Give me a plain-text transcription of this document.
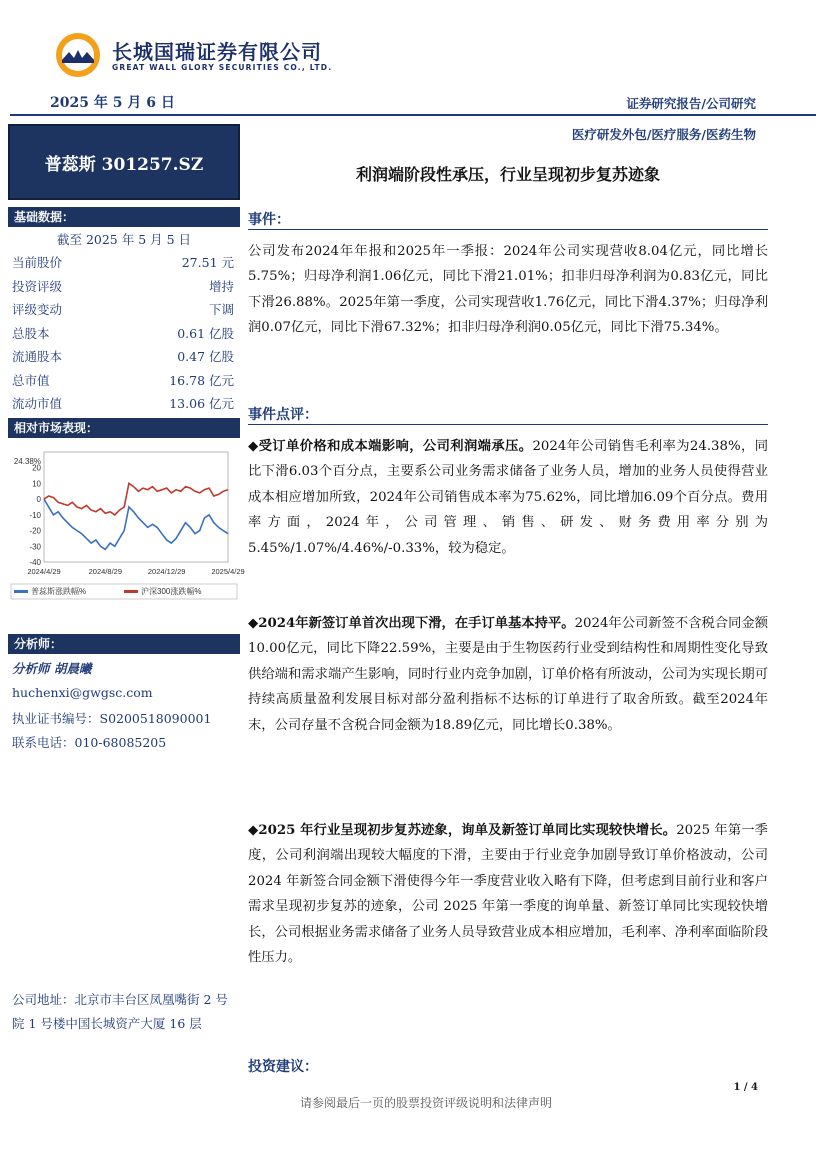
长城国瑞证券有限公司
GREAT WALL GLORY SECURITIES CO., LTD.
2025 年 5 月 6 日	证券研究报告/公司研究
医疗研发外包/医疗服务/医药生物
普蕊斯 301257.SZ	利润端阶段性承压，行业呈现初步复苏迹象
基础数据：
截至 2025 年 5 月 5 日
当前股价	27.51 元
投资评级	增持
评级变动	下调
总股本	0.61 亿股
流通股本	0.47 亿股
总市值	16.78 亿元
流动市值	13.06 亿元
相对市场表现：
24.38%
20
10
0
-10
-20
-30
-40
2024/4/29	2024/8/29	2024/12/29	2025/4/29
普蕊斯涨跌幅%	沪深300涨跌幅%
分析师：
分析师 胡晨曦
huchenxi@gwgsc.com
执业证书编号：S0200518090001
联系电话：010-68085205
公司地址：北京市丰台区凤凰嘴街 2 号院 1 号楼中国长城资产大厦 16 层
事件：
公司发布2024年年报和2025年一季报：2024年公司实现营收8.04亿元，同比增长5.75%；归母净利润1.06亿元，同比下滑21.01%；扣非归母净利润为0.83亿元，同比下滑26.88%。2025年第一季度，公司实现营收1.76亿元，同比下滑4.37%；归母净利润0.07亿元，同比下滑67.32%；扣非归母净利润0.05亿元，同比下滑75.34%。
事件点评：
◆受订单价格和成本端影响，公司利润端承压。2024年公司销售毛利率为24.38%，同比下滑6.03个百分点，主要系公司业务需求储备了业务人员，增加的业务人员使得营业成本相应增加所致，2024年公司销售成本率为75.62%，同比增加6.09个百分点。费用率方面，2024年，公司管理、销售、研发、财务费用率分别为5.45%/1.07%/4.46%/-0.33%，较为稳定。
◆2024年新签订单首次出现下滑，在手订单基本持平。2024年公司新签不含税合同金额10.00亿元，同比下降22.59%，主要是由于生物医药行业受到结构性和周期性变化导致供给端和需求端产生影响，同时行业内竞争加剧，订单价格有所波动，公司为实现长期可持续高质量盈利发展目标对部分盈利指标不达标的订单进行了取舍所致。截至2024年末，公司存量不含税合同金额为18.89亿元，同比增长0.38%。
◆2025 年行业呈现初步复苏迹象，询单及新签订单同比实现较快增长。2025 年第一季度，公司利润端出现较大幅度的下滑，主要由于行业竞争加剧导致订单价格波动，公司 2024 年新签合同金额下滑使得今年一季度营业收入略有下降，但考虑到目前行业和客户需求呈现初步复苏的迹象，公司 2025 年第一季度的询单量、新签订单同比实现较快增长，公司根据业务需求储备了业务人员导致营业成本相应增加，毛利率、净利率面临阶段性压力。
投资建议：
1 / 4
请参阅最后一页的股票投资评级说明和法律声明
